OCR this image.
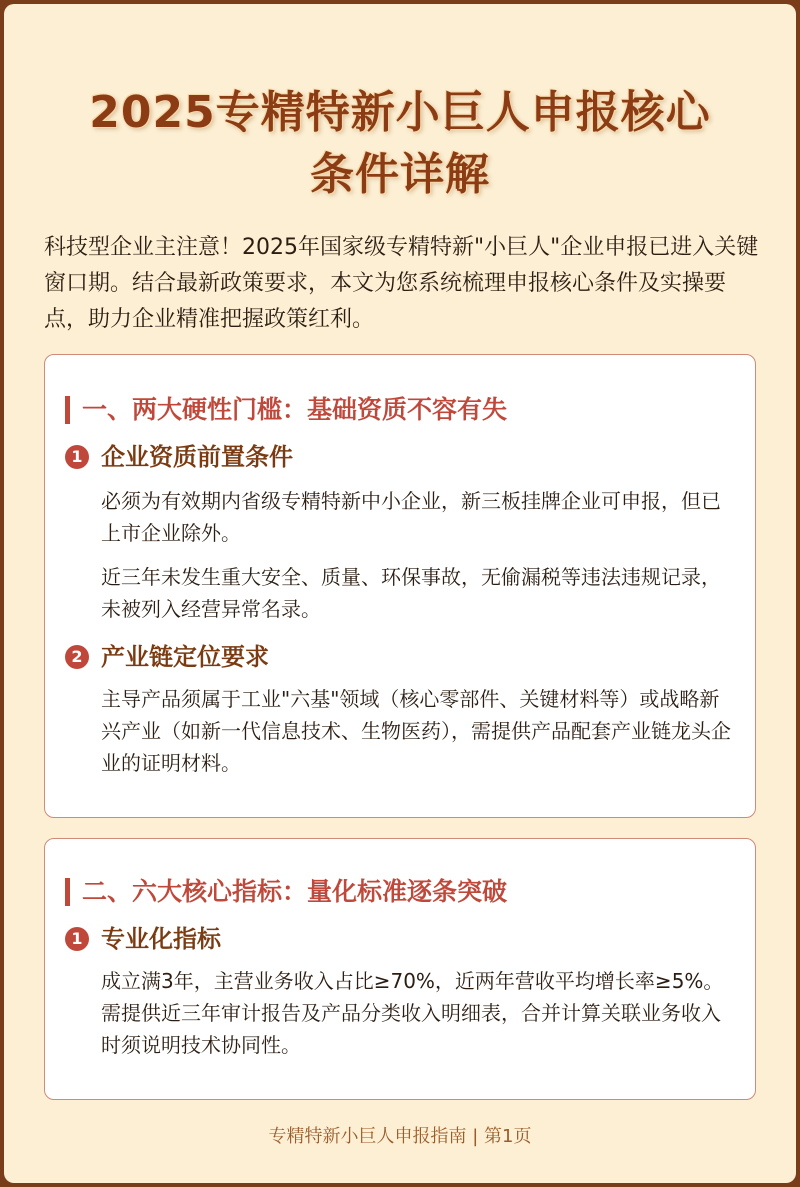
2025专精特新小巨人申报核心
条件详解

科技型企业主注意！2025年国家级专精特新"小巨人"企业申报已进入关键窗口期。结合最新政策要求，本文为您系统梳理申报核心条件及实操要点，助力企业精准把握政策红利。

一、两大硬性门槛：基础资质不容有失
1 企业资质前置条件

必须为有效期内省级专精特新中小企业，新三板挂牌企业可申报，但已上市企业除外。

近三年未发生重大安全、质量、环保事故，无偷漏税等违法违规记录，未被列入经营异常名录。

2 产业链定位要求

主导产品须属于工业"六基"领域（核心零部件、关键材料等）或战略新兴产业（如新一代信息技术、生物医药），需提供产品配套产业链龙头企业的证明材料。

二、六大核心指标：量化标准逐条突破
1 专业化指标

成立满3年，主营业务收入占比≥70%，近两年营收平均增长率≥5%。需提供近三年审计报告及产品分类收入明细表，合并计算关联业务收入时须说明技术协同性。

专精特新小巨人申报指南 | 第1页
